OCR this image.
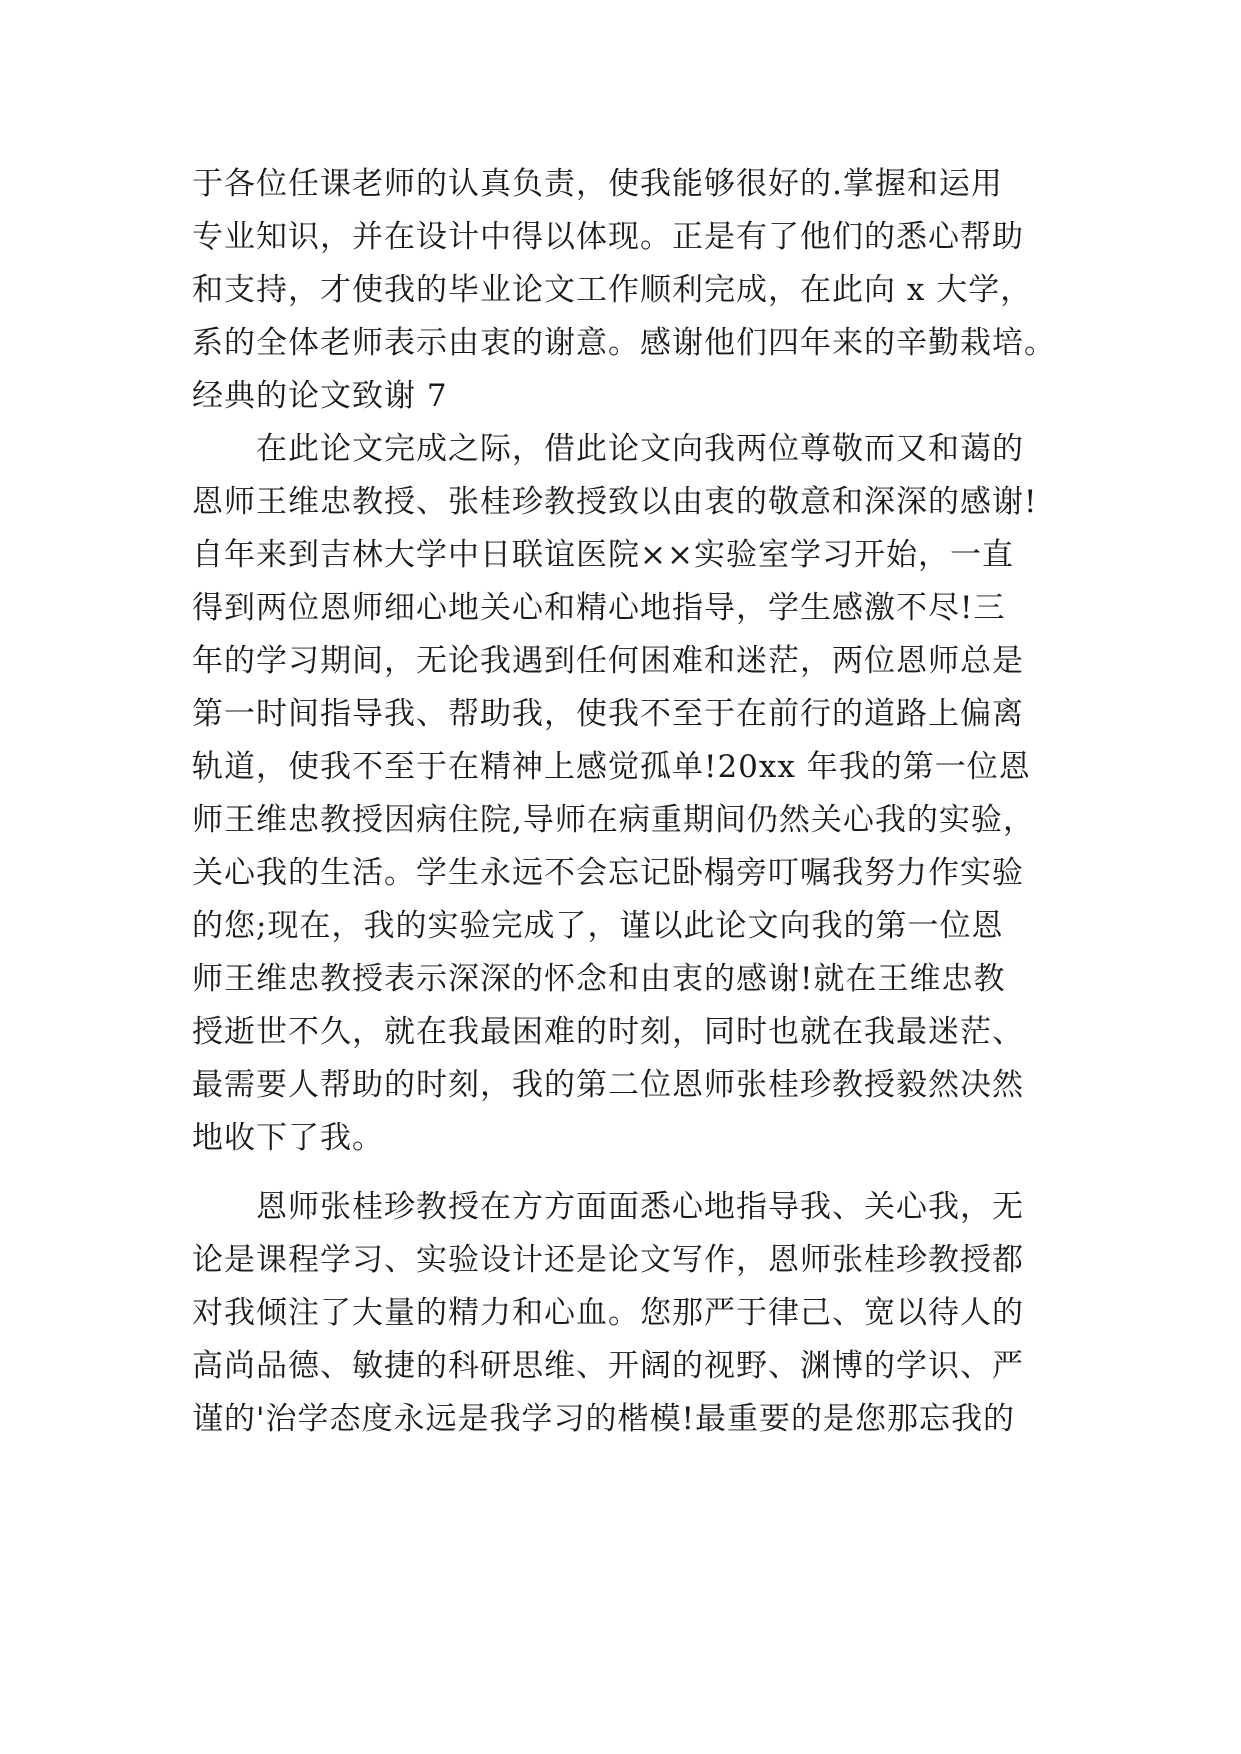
于各位任课老师的认真负责，使我能够很好的.掌握和运用
专业知识，并在设计中得以体现。正是有了他们的悉心帮助
和支持，才使我的毕业论文工作顺利完成，在此向 x 大学，
系的全体老师表示由衷的谢意。感谢他们四年来的辛勤栽培。
经典的论文致谢 7
在此论文完成之际，借此论文向我两位尊敬而又和蔼的
恩师王维忠教授、张桂珍教授致以由衷的敬意和深深的感谢!
自年来到吉林大学中日联谊医院××实验室学习开始，一直
得到两位恩师细心地关心和精心地指导，学生感激不尽!三
年的学习期间，无论我遇到任何困难和迷茫，两位恩师总是
第一时间指导我、帮助我，使我不至于在前行的道路上偏离
轨道，使我不至于在精神上感觉孤单!20xx 年我的第一位恩
师王维忠教授因病住院,导师在病重期间仍然关心我的实验，
关心我的生活。学生永远不会忘记卧榻旁叮嘱我努力作实验
的您;现在，我的实验完成了，谨以此论文向我的第一位恩
师王维忠教授表示深深的怀念和由衷的感谢!就在王维忠教
授逝世不久，就在我最困难的时刻，同时也就在我最迷茫、
最需要人帮助的时刻，我的第二位恩师张桂珍教授毅然决然
地收下了我。
恩师张桂珍教授在方方面面悉心地指导我、关心我，无
论是课程学习、实验设计还是论文写作，恩师张桂珍教授都
对我倾注了大量的精力和心血。您那严于律己、宽以待人的
高尚品德、敏捷的科研思维、开阔的视野、渊博的学识、严
谨的'治学态度永远是我学习的楷模!最重要的是您那忘我的
